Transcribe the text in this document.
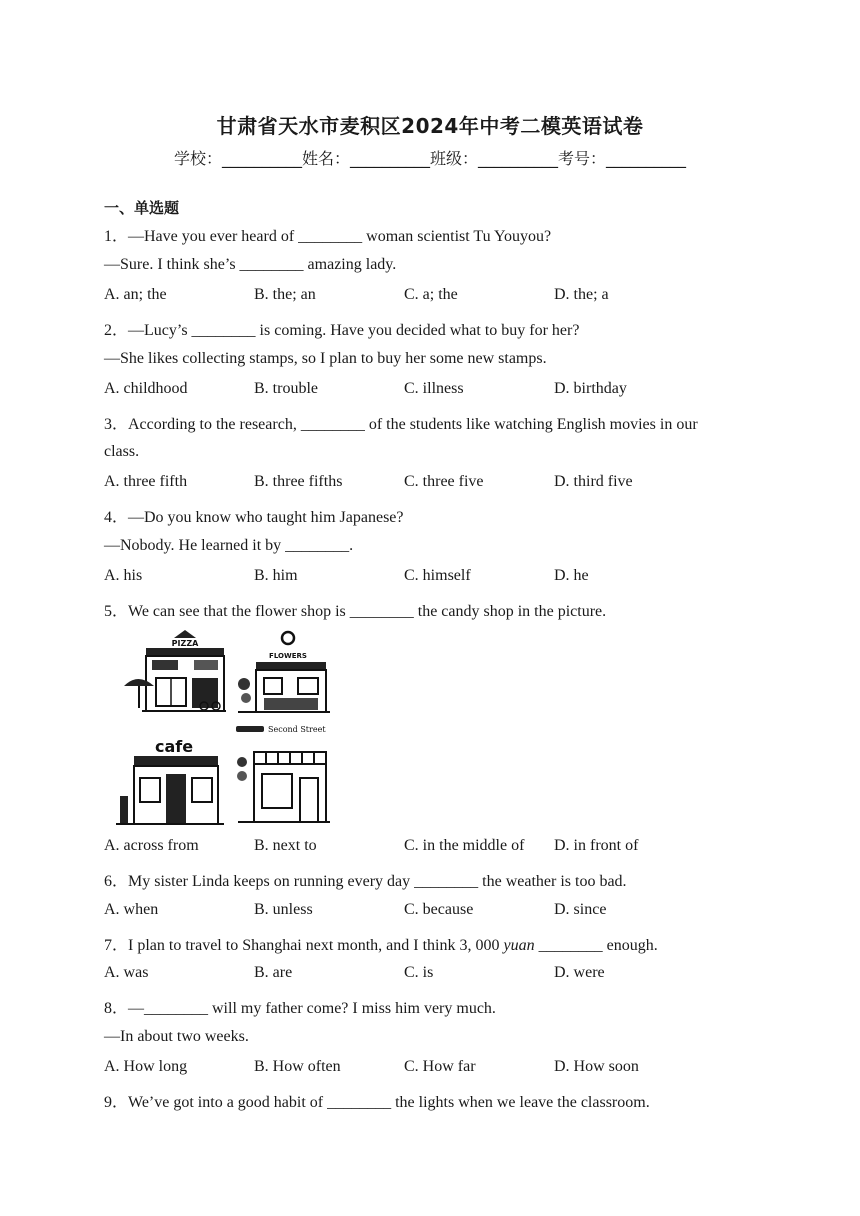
甘肃省天水市麦积区2024年中考二模英语试卷
学校：__________姓名：__________班级：__________考号：__________
一、单选题
1．—Have you ever heard of ________ woman scientist Tu Youyou?
—Sure. I think she’s ________ amazing lady.
A. an; the	B. the; an	C. a; the	D. the; a
2．—Lucy’s ________ is coming. Have you decided what to buy for her?
—She likes collecting stamps, so I plan to buy her some new stamps.
A. childhood	B. trouble	C. illness	D. birthday
3．According to the research, ________ of the students like watching English movies in our
class.
A. three fifth	B. three fifths	C. three five	D. third five
4．—Do you know who taught him Japanese?
—Nobody. He learned it by ________.
A. his	B. him	C. himself	D. he
5．We can see that the flower shop is ________ the candy shop in the picture.
PIZZA
FLOWERS
Second Street
cafe
A. across from	B. next to	C. in the middle of D. in front of
6．My sister Linda keeps on running every day ________ the weather is too bad.
A. when	B. unless	C. because	D. since
7．I plan to travel to Shanghai next month, and I think 3, 000 yuan ________ enough.
A. was	B. are	C. is	D. were
8．—________ will my father come? I miss him very much.
—In about two weeks.
A. How long	B. How often	C. How far	D. How soon
9．We’ve got into a good habit of ________ the lights when we leave the classroom.
